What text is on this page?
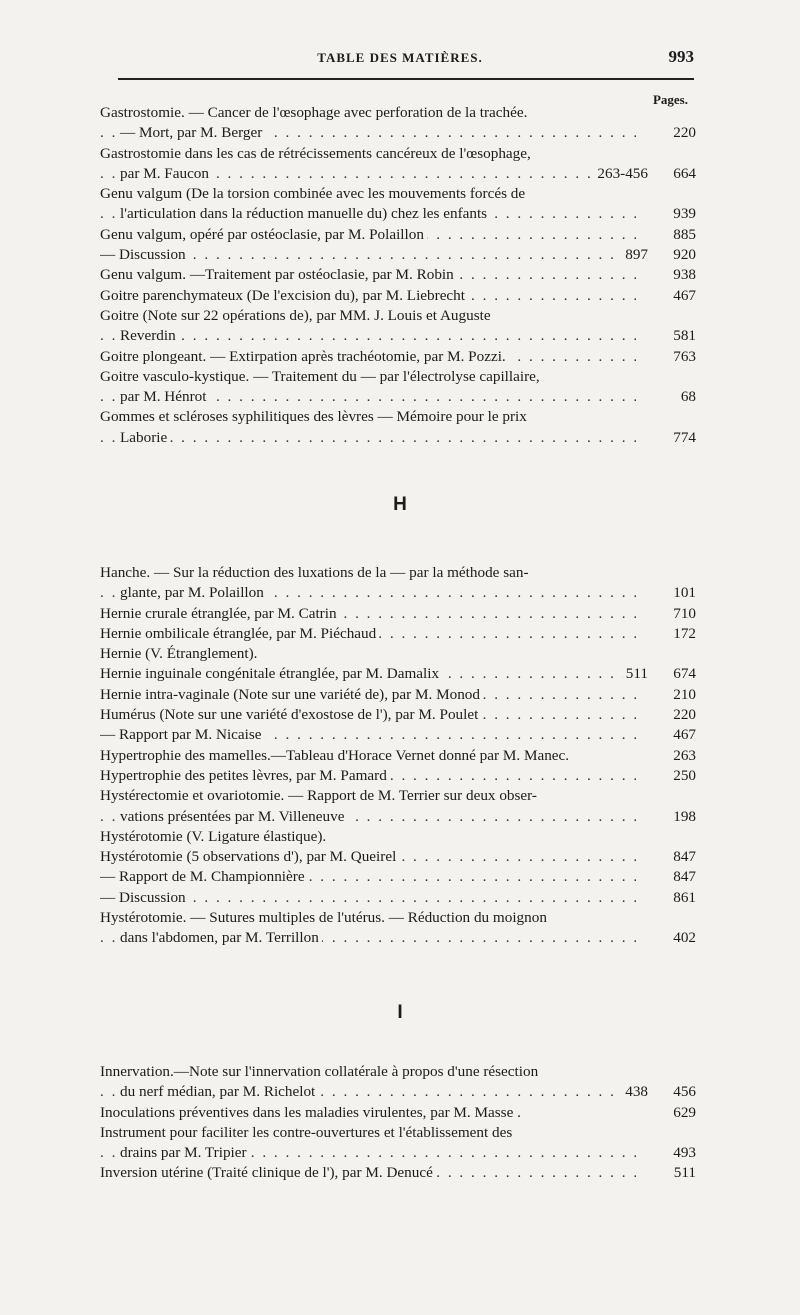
TABLE DES MATIÈRES.	993
Pages.
Gastrostomie. — Cancer de l'œsophage avec perforation de la trachée.
. . . — Mort, par M. Berger	220
Gastrostomie dans les cas de rétrécissements cancéreux de l'œsophage,
. . . par M. Faucon	263-456 664
Genu valgum (De la torsion combinée avec les mouvements forcés de
. . . l'articulation dans la réduction manuelle du) chez les enfants	939
. . . Genu valgum, opéré par ostéoclasie, par M. Polaillon	885
. . . — Discussion	897 920
. . . Genu valgum. —Traitement par ostéoclasie, par M. Robin	938
. . . Goitre parenchymateux (De l'excision du), par M. Liebrecht	467
Goitre (Note sur 22 opérations de), par MM. J. Louis et Auguste
. . . Reverdin	581
. . . Goitre plongeant. — Extirpation après trachéotomie, par M. Pozzi.	763
Goitre vasculo-kystique. — Traitement du — par l'électrolyse capillaire,
. . . par M. Hénrot	68
Gommes et scléroses syphilitiques des lèvres — Mémoire pour le prix
. . . Laborie	774
H
Hanche. — Sur la réduction des luxations de la — par la méthode san-
. . . glante, par M. Polaillon	101
. . . Hernie crurale étranglée, par M. Catrin	710
. . . Hernie ombilicale étranglée, par M. Piéchaud	172
Hernie (V. Étranglement).
. . . Hernie inguinale congénitale étranglée, par M. Damalix	511 674
. . . Hernie intra-vaginale (Note sur une variété de), par M. Monod	210
. . . Humérus (Note sur une variété d'exostose de l'), par M. Poulet	220
. . . — Rapport par M. Nicaise	467
Hypertrophie des mamelles.—Tableau d'Horace Vernet donné par M. Manec.	263
. . . Hypertrophie des petites lèvres, par M. Pamard	250
Hystérectomie et ovariotomie. — Rapport de M. Terrier sur deux obser-
. . . vations présentées par M. Villeneuve	198
Hystérotomie (V. Ligature élastique).
. . . Hystérotomie (5 observations d'), par M. Queirel	847
. . . — Rapport de M. Championnière	847
. . . — Discussion	861
Hystérotomie. — Sutures multiples de l'utérus. — Réduction du moignon
. . . dans l'abdomen, par M. Terrillon	402
I
Innervation.—Note sur l'innervation collatérale à propos d'une résection
. . . du nerf médian, par M. Richelot	438 456
Inoculations préventives dans les maladies virulentes, par M. Masse .	629
Instrument pour faciliter les contre-ouvertures et l'établissement des
. . . drains par M. Tripier	493
. . . Inversion utérine (Traité clinique de l'), par M. Denucé	511
